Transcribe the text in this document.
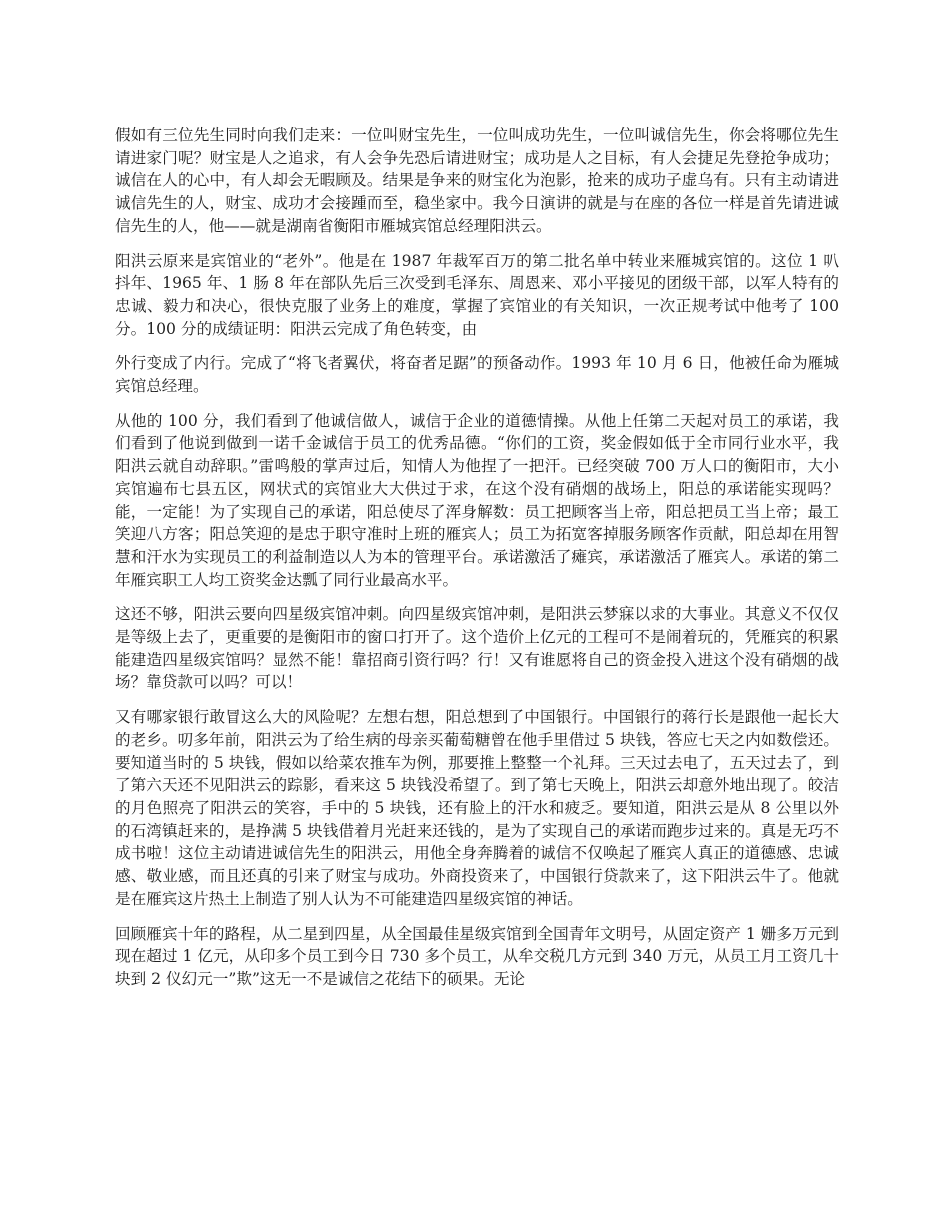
假如有三位先生同时向我们走来：一位叫财宝先生，一位叫成功先生，一位叫诚信先生，你会将哪位先生请进家门呢？财宝是人之追求，有人会争先恐后请进财宝；成功是人之目标，有人会捷足先登抢争成功；诚信在人的心中，有人却会无暇顾及。结果是争来的财宝化为泡影，抢来的成功子虚乌有。只有主动请进诚信先生的人，财宝、成功才会接踵而至，稳坐家中。我今日演讲的就是与在座的各位一样是首先请进诚信先生的人，他——就是湖南省衡阳市雁城宾馆总经理阳洪云。

阳洪云原来是宾馆业的“老外”。他是在 1987 年裁军百万的第二批名单中转业来雁城宾馆的。这位 1 叭抖年、1965 年、1 肠 8 年在部队先后三次受到毛泽东、周恩来、邓小平接见的团级干部，以军人特有的忠诚、毅力和决心，很快克服了业务上的难度，掌握了宾馆业的有关知识，一次正规考试中他考了 100 分。100 分的成绩证明：阳洪云完成了角色转变，由

外行变成了内行。完成了“将飞者翼伏，将奋者足踞”的预备动作。1993 年 10 月 6 日，他被任命为雁城宾馆总经理。

从他的 100 分，我们看到了他诚信做人，诚信于企业的道德情操。从他上任第二天起对员工的承诺，我们看到了他说到做到一诺千金诚信于员工的优秀品德。“你们的工资，奖金假如低于全市同行业水平，我阳洪云就自动辞职。”雷鸣般的掌声过后，知情人为他捏了一把汗。已经突破 700 万人口的衡阳市，大小宾馆遍布七县五区，网状式的宾馆业大大供过于求，在这个没有硝烟的战场上，阳总的承诺能实现吗？能，一定能！为了实现自己的承诺，阳总使尽了浑身解数：员工把顾客当上帝，阳总把员工当上帝；最工笑迎八方客；阳总笑迎的是忠于职守准时上班的雁宾人；员工为拓宽客掉服务顾客作贡献，阳总却在用智慧和汗水为实现员工的利益制造以人为本的管理平台。承诺激活了瘫宾，承诺激活了雁宾人。承诺的第二年雁宾职工人均工资奖金达瓢了同行业最高水平。

这还不够，阳洪云要向四星级宾馆冲刺。向四星级宾馆冲刺，是阳洪云梦寐以求的大事业。其意义不仅仅是等级上去了，更重要的是衡阳市的窗口打开了。这个造价上亿元的工程可不是闹着玩的，凭雁宾的积累能建造四星级宾馆吗？显然不能！靠招商引资行吗？行！又有谁愿将自己的资金投入进这个没有硝烟的战场？靠贷款可以吗？可以！

又有哪家银行敢冒这么大的风险呢？左想右想，阳总想到了中国银行。中国银行的蒋行长是跟他一起长大的老乡。叨多年前，阳洪云为了给生病的母亲买葡萄糖曾在他手里借过 5 块钱，答应七天之内如数偿还。要知道当时的 5 块钱，假如以给菜农推车为例，那要推上整整一个礼拜。三天过去电了，五天过去了，到了第六天还不见阳洪云的踪影，看来这 5 块钱没希望了。到了第七天晚上，阳洪云却意外地出现了。皎洁的月色照亮了阳洪云的笑容，手中的 5 块钱，还有脸上的汗水和疲乏。要知道，阳洪云是从 8 公里以外的石湾镇赶来的，是挣满 5 块钱借着月光赶来还钱的，是为了实现自己的承诺而跑步过来的。真是无巧不成书啦！这位主动请进诚信先生的阳洪云，用他全身奔腾着的诚信不仅唤起了雁宾人真正的道德感、忠诚感、敬业感，而且还真的引来了财宝与成功。外商投资来了，中国银行贷款来了，这下阳洪云牛了。他就是在雁宾这片热土上制造了别人认为不可能建造四星级宾馆的神话。

回顾雁宾十年的路程，从二星到四星，从全国最佳星级宾馆到全国青年文明号，从固定资产 1 姗多万元到现在超过 1 亿元，从印多个员工到今日 730 多个员工，从牟交税几方元到 340 万元，从员工月工资几十块到 2 仪幻元一”欺”这无一不是诚信之花结下的硕果。无论
